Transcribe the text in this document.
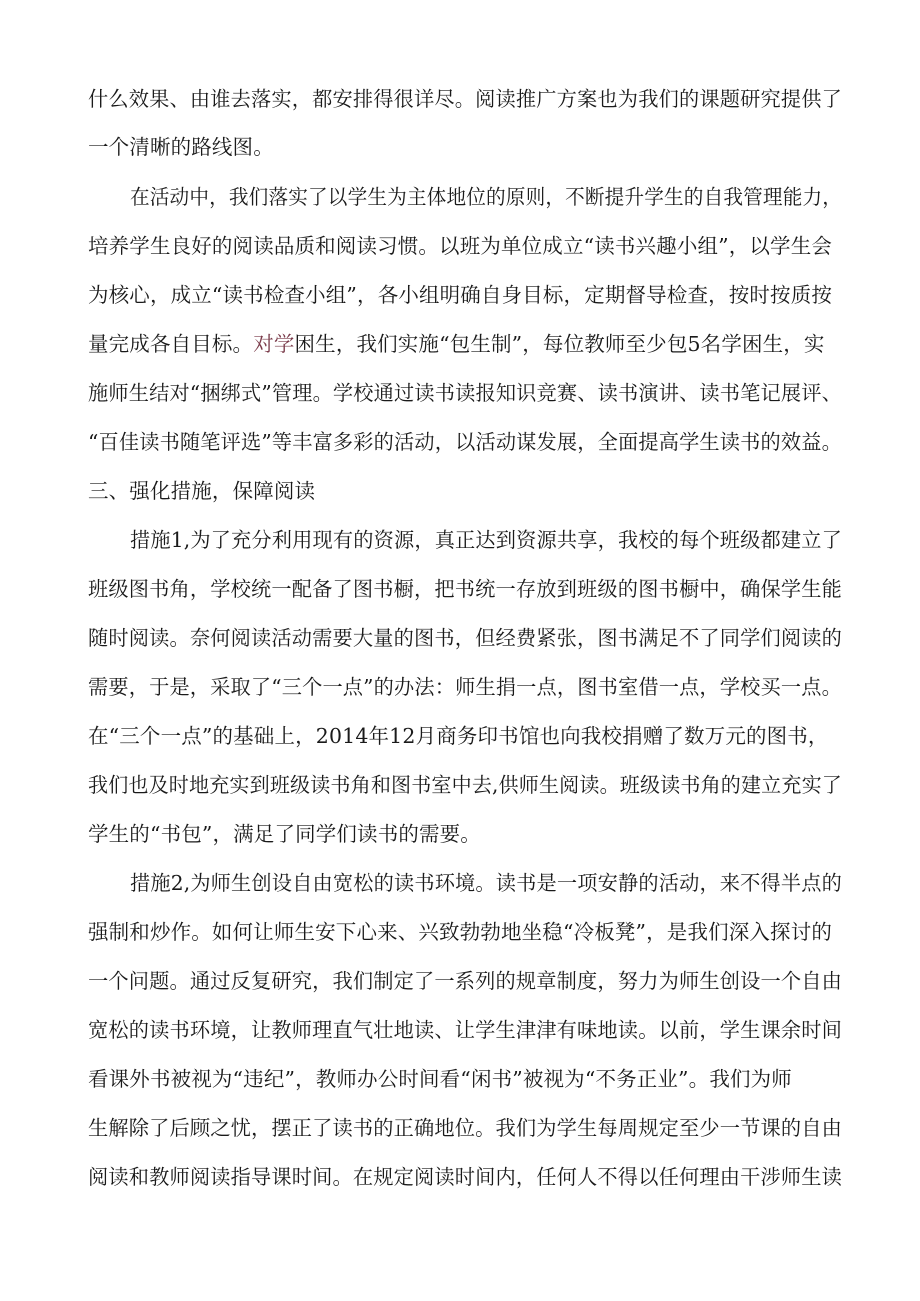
什么效果、由谁去落实，都安排得很详尽。阅读推广方案也为我们的课题研究提供了
一个清晰的路线图。
在活动中，我们落实了以学生为主体地位的原则，不断提升学生的自我管理能力，
培养学生良好的阅读品质和阅读习惯。以班为单位成立“读书兴趣小组”，以学生会
为核心，成立“读书检查小组”，各小组明确自身目标，定期督导检查，按时按质按
量完成各自目标。对学困生，我们实施“包生制”，每位教师至少包5名学困生，实
施师生结对“捆绑式”管理。学校通过读书读报知识竞赛、读书演讲、读书笔记展评、
“百佳读书随笔评选”等丰富多彩的活动，以活动谋发展，全面提高学生读书的效益。
三、强化措施，保障阅读
措施1,为了充分利用现有的资源，真正达到资源共享，我校的每个班级都建立了
班级图书角，学校统一配备了图书橱，把书统一存放到班级的图书橱中，确保学生能
随时阅读。奈何阅读活动需要大量的图书，但经费紧张，图书满足不了同学们阅读的
需要，于是，采取了“三个一点”的办法：师生捐一点，图书室借一点，学校买一点。
在“三个一点”的基础上，2014年12月商务印书馆也向我校捐赠了数万元的图书，
我们也及时地充实到班级读书角和图书室中去,供师生阅读。班级读书角的建立充实了
学生的“书包”，满足了同学们读书的需要。
措施2,为师生创设自由宽松的读书环境。读书是一项安静的活动，来不得半点的
强制和炒作。如何让师生安下心来、兴致勃勃地坐稳“冷板凳”，是我们深入探讨的
一个问题。通过反复研究，我们制定了一系列的规章制度，努力为师生创设一个自由
宽松的读书环境，让教师理直气壮地读、让学生津津有味地读。以前，学生课余时间
看课外书被视为“违纪”，教师办公时间看“闲书”被视为“不务正业”。我们为师
生解除了后顾之忧，摆正了读书的正确地位。我们为学生每周规定至少一节课的自由
阅读和教师阅读指导课时间。在规定阅读时间内，任何人不得以任何理由干涉师生读
